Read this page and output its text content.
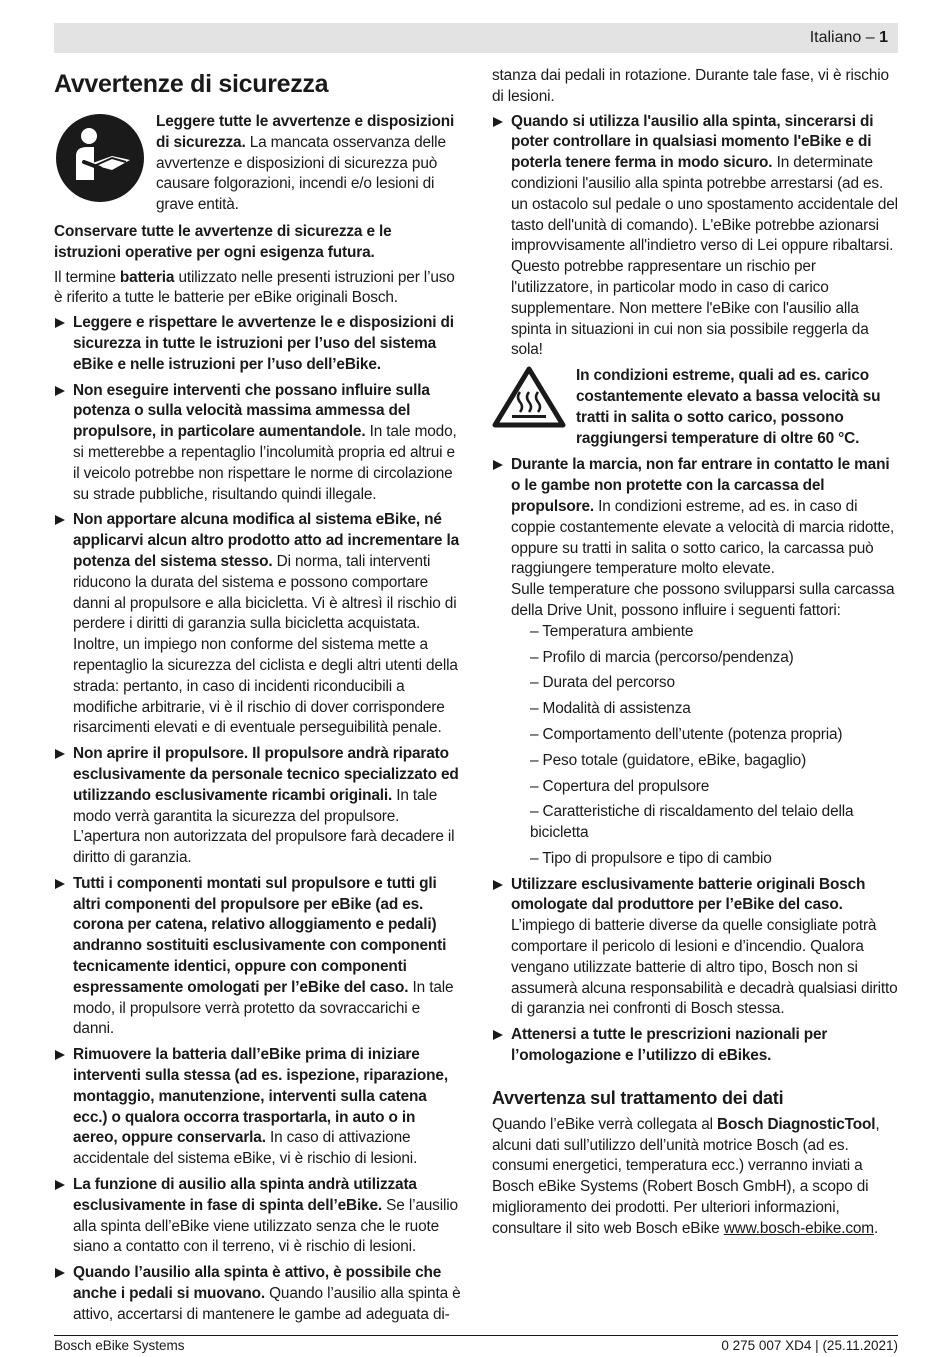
Italiano – 1
Avvertenze di sicurezza
Leggere tutte le avvertenze e disposizioni di sicurezza. La mancata osservanza delle avvertenze e disposizioni di sicurezza può causare folgorazioni, incendi e/o lesioni di grave entità.

Conservare tutte le avvertenze di sicurezza e le istruzioni operative per ogni esigenza futura.

Il termine batteria utilizzato nelle presenti istruzioni per l’uso è riferito a tutte le batterie per eBike originali Bosch.

Leggere e rispettare le avvertenze le e disposizioni di sicurezza in tutte le istruzioni per l’uso del sistema eBike e nelle istruzioni per l’uso dell’eBike.
Non eseguire interventi che possano influire sulla potenza o sulla velocità massima ammessa del propulsore, in particolare aumentandole. In tale modo, si metterebbe a repentaglio l’incolumità propria ed altrui e il veicolo potrebbe non rispettare le norme di circolazione su strade pubbliche, risultando quindi illegale.
Non apportare alcuna modifica al sistema eBike, né applicarvi alcun altro prodotto atto ad incrementare la potenza del sistema stesso. Di norma, tali interventi riducono la durata del sistema e possono comportare danni al propulsore e alla bicicletta. Vi è altresì il rischio di perdere i diritti di garanzia sulla bicicletta acquistata. Inoltre, un impiego non conforme del sistema mette a repentaglio la sicurezza del ciclista e degli altri utenti della strada: pertanto, in caso di incidenti riconducibili a modifiche arbitrarie, vi è il rischio di dover corrispondere risarcimenti elevati e di eventuale perseguibilità penale.
Non aprire il propulsore. Il propulsore andrà riparato esclusivamente da personale tecnico specializzato ed utilizzando esclusivamente ricambi originali. In tale modo verrà garantita la sicurezza del propulsore. L’apertura non autorizzata del propulsore farà decadere il diritto di garanzia.
Tutti i componenti montati sul propulsore e tutti gli altri componenti del propulsore per eBike (ad es. corona per catena, relativo alloggiamento e pedali) andranno sostituiti esclusivamente con componenti tecnicamente identici, oppure con componenti espressamente omologati per l’eBike del caso. In tale modo, il propulsore verrà protetto da sovraccarichi e danni.
Rimuovere la batteria dall’eBike prima di iniziare interventi sulla stessa (ad es. ispezione, riparazione, montaggio, manutenzione, interventi sulla catena ecc.) o qualora occorra trasportarla, in auto o in aereo, oppure conservarla. In caso di attivazione accidentale del sistema eBike, vi è rischio di lesioni.
La funzione di ausilio alla spinta andrà utilizzata esclusivamente in fase di spinta dell’eBike. Se l’ausilio alla spinta dell’eBike viene utilizzato senza che le ruote siano a contatto con il terreno, vi è rischio di lesioni.
Quando l’ausilio alla spinta è attivo, è possibile che anche i pedali si muovano. Quando l’ausilio alla spinta è attivo, accertarsi di mantenere le gambe ad adeguata di-

stanza dai pedali in rotazione. Durante tale fase, vi è rischio di lesioni.

Quando si utilizza l'ausilio alla spinta, sincerarsi di poter controllare in qualsiasi momento l'eBike e di poterla tenere ferma in modo sicuro. In determinate condizioni l'ausilio alla spinta potrebbe arrestarsi (ad es. un ostacolo sul pedale o uno spostamento accidentale del tasto dell'unità di comando). L'eBike potrebbe azionarsi improvvisamente all'indietro verso di Lei oppure ribaltarsi. Questo potrebbe rappresentare un rischio per l'utilizzatore, in particolar modo in caso di carico supplementare. Non mettere l'eBike con l'ausilio alla spinta in situazioni in cui non sia possibile reggerla da sola!
In condizioni estreme, quali ad es. carico costantemente elevato a bassa velocità su tratti in salita o sotto carico, possono raggiungersi temperature di oltre 60 °C.
Durante la marcia, non far entrare in contatto le mani o le gambe non protette con la carcassa del propulsore. In condizioni estreme, ad es. in caso di coppie costantemente elevate a velocità di marcia ridotte, oppure su tratti in salita o sotto carico, la carcassa può raggiungere temperature molto elevate.
Sulle temperature che possono svilupparsi sulla carcassa della Drive Unit, possono influire i seguenti fattori:
– Temperatura ambiente
– Profilo di marcia (percorso/pendenza)
– Durata del percorso
– Modalità di assistenza
– Comportamento dell’utente (potenza propria)
– Peso totale (guidatore, eBike, bagaglio)
– Copertura del propulsore
– Caratteristiche di riscaldamento del telaio della bicicletta
– Tipo di propulsore e tipo di cambio
Utilizzare esclusivamente batterie originali Bosch omologate dal produttore per l’eBike del caso. L’impiego di batterie diverse da quelle consigliate potrà comportare il pericolo di lesioni e d’incendio. Qualora vengano utilizzate batterie di altro tipo, Bosch non si assumerà alcuna responsabilità e decadrà qualsiasi diritto di garanzia nei confronti di Bosch stessa.
Attenersi a tutte le prescrizioni nazionali per l’omologazione e l’utilizzo di eBikes.
Avvertenza sul trattamento dei dati

Quando l’eBike verrà collegata al Bosch DiagnosticTool, alcuni dati sull’utilizzo dell’unità motrice Bosch (ad es. consumi energetici, temperatura ecc.) verranno inviati a Bosch eBike Systems (Robert Bosch GmbH), a scopo di miglioramento dei prodotti. Per ulteriori informazioni, consultare il sito web Bosch eBike www.bosch-ebike.com.

Bosch eBike Systems	0 275 007 XD4 | (25.11.2021)
